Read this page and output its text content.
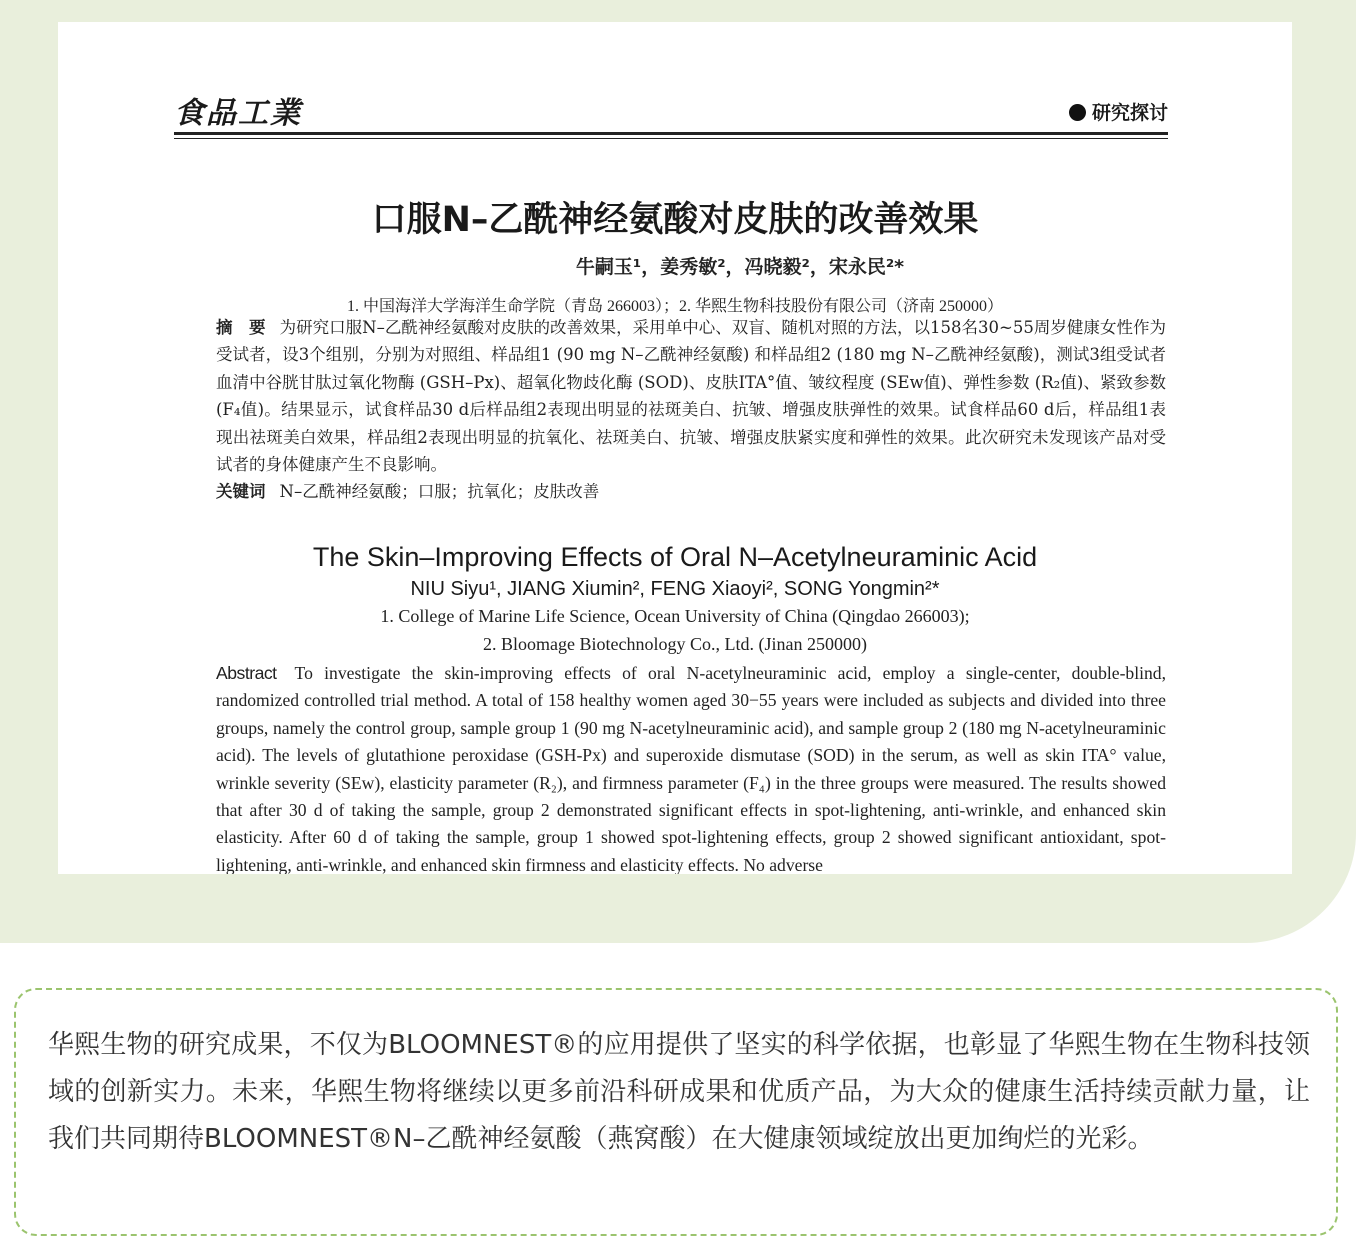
食品工業	研究探讨
口服N–乙酰神经氨酸对皮肤的改善效果
牛嗣玉¹，姜秀敏²，冯晓毅²，宋永民²*
1. 中国海洋大学海洋生命学院（青岛 266003）；2. 华熙生物科技股份有限公司（济南 250000）
摘　要 为研究口服N–乙酰神经氨酸对皮肤的改善效果，采用单中心、双盲、随机对照的方法，以158名30~55周岁健康女性作为受试者，设3个组别，分别为对照组、样品组1 (90 mg N–乙酰神经氨酸) 和样品组2 (180 mg N–乙酰神经氨酸)，测试3组受试者血清中谷胱甘肽过氧化物酶 (GSH–Px)、超氧化物歧化酶 (SOD)、皮肤ITA°值、皱纹程度 (SEw值)、弹性参数 (R₂值)、紧致参数 (F₄值)。结果显示，试食样品30 d后样品组2表现出明显的祛斑美白、抗皱、增强皮肤弹性的效果。试食样品60 d后，样品组1表现出祛斑美白效果，样品组2表现出明显的抗氧化、祛斑美白、抗皱、增强皮肤紧实度和弹性的效果。此次研究未发现该产品对受试者的身体健康产生不良影响。
关键词 N–乙酰神经氨酸；口服；抗氧化；皮肤改善
The Skin–Improving Effects of Oral N–Acetylneuraminic Acid
NIU Siyu¹, JIANG Xiumin², FENG Xiaoyi², SONG Yongmin²*
1. College of Marine Life Science, Ocean University of China (Qingdao 266003);
2. Bloomage Biotechnology Co., Ltd. (Jinan 250000)
Abstract To investigate the skin-improving effects of oral N-acetylneuraminic acid, employ a single-center, double-blind, randomized controlled trial method. A total of 158 healthy women aged 30−55 years were included as subjects and divided into three groups, namely the control group, sample group 1 (90 mg N-acetylneuraminic acid), and sample group 2 (180 mg N-acetylneuraminic acid). The levels of glutathione peroxidase (GSH-Px) and superoxide dismutase (SOD) in the serum, as well as skin ITA° value, wrinkle severity (SEw), elasticity parameter (R₂), and firmness parameter (F₄) in the three groups were measured. The results showed that after 30 d of taking the sample, group 2 demonstrated significant effects in spot-lightening, anti-wrinkle, and enhanced skin elasticity. After 60 d of taking the sample, group 1 showed spot-lightening effects, group 2 showed significant antioxidant, spot-lightening, anti-wrinkle, and enhanced skin firmness and elasticity effects. No adverse
华熙生物的研究成果，不仅为BLOOMNEST®的应用提供了坚实的科学依据，也彰显了华熙生物在生物科技领域的创新实力。未来，华熙生物将继续以更多前沿科研成果和优质产品，为大众的健康生活持续贡献力量，让我们共同期待BLOOMNEST®N–乙酰神经氨酸（燕窝酸）在大健康领域绽放出更加绚烂的光彩。
